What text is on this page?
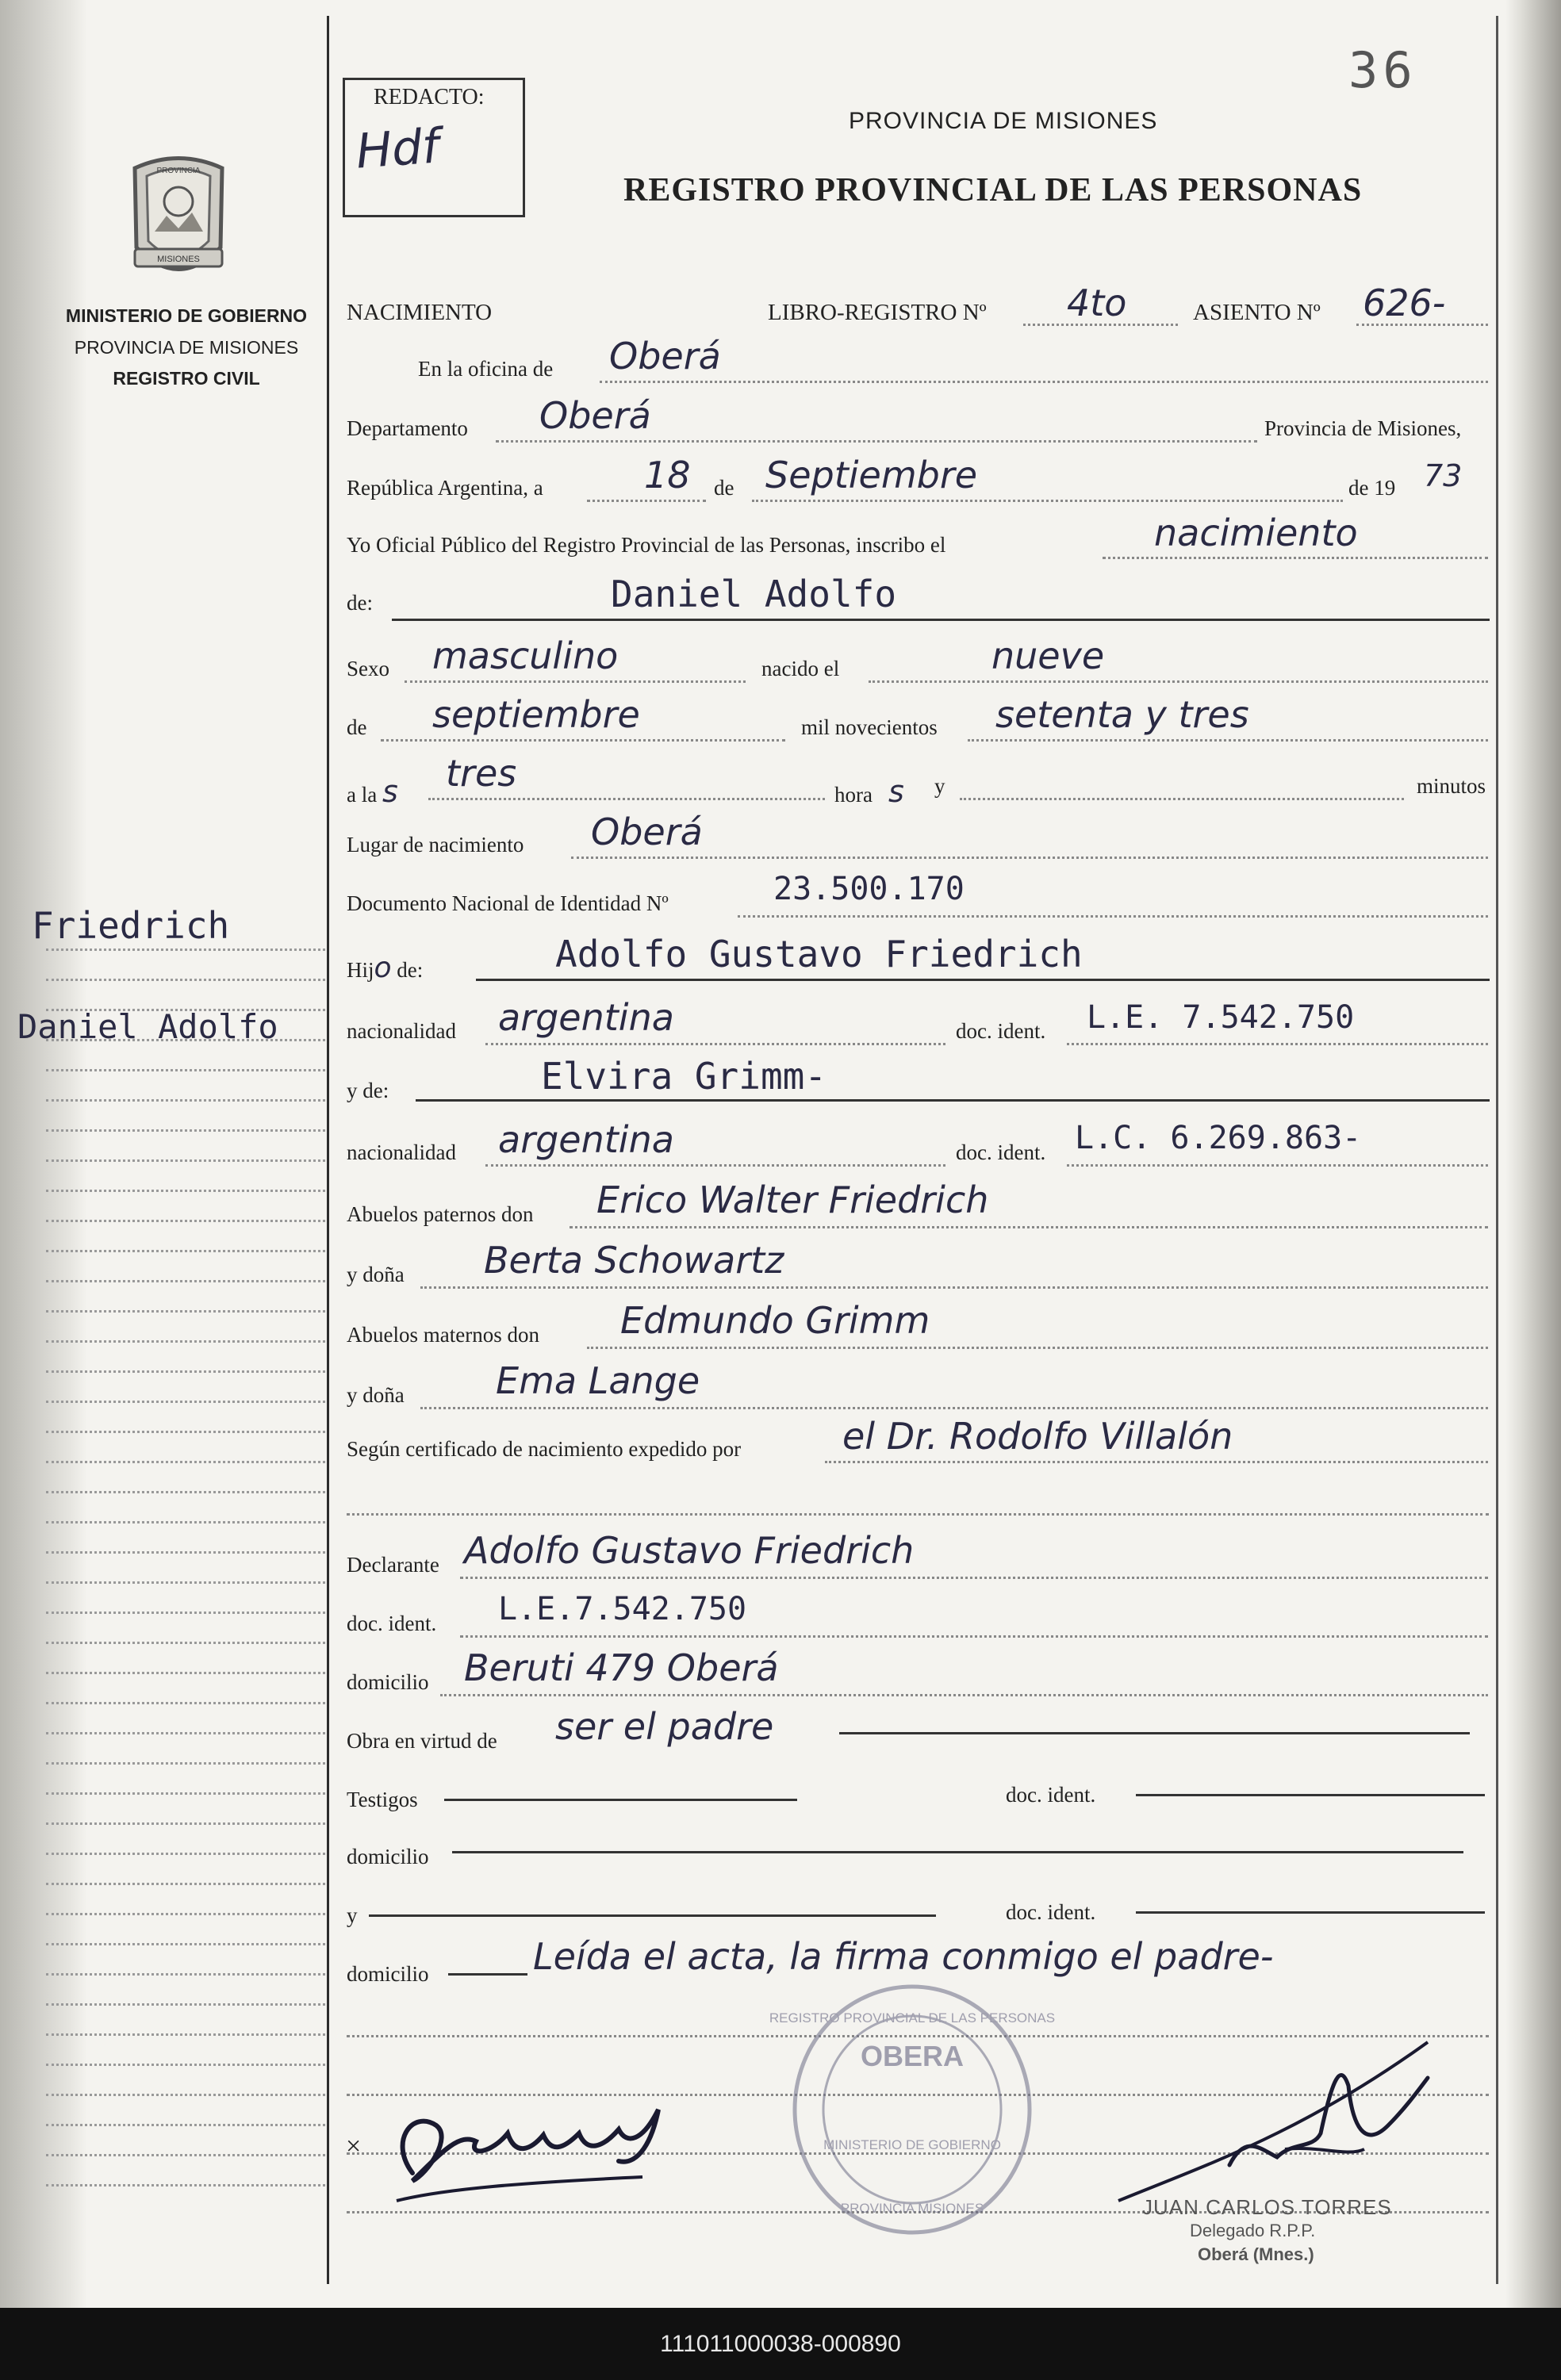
36
REDACTO:
Hdf	PROVINCIA DE MISIONES
REGISTRO PROVINCIAL DE LAS PERSONAS
PROVINCIA
MISIONES
MINISTERIO DE GOBIERNO
PROVINCIA DE MISIONES
REGISTRO CIVIL
Friedrich
Daniel Adolfo
NACIMIENTO	LIBRO-REGISTRO Nº 4to	ASIENTO Nº 626-
En la oficina de Oberá
Departamento Oberá	Provincia de Misiones,
República Argentina, a	18 de Septiembre	de 19 73
Yo Oficial Público del Registro Provincial de las Personas, inscribo el	nacimiento
de:	Daniel Adolfo
Sexo masculino	nacido el	nueve
de septiembre	mil novecientos setenta y tres
a la s tres	hora s y	minutos
Lugar de nacimiento Oberá
Documento Nacional de Identidad Nº	23.500.170
Hijo de:	Adolfo Gustavo Friedrich
nacionalidad argentina	doc. ident. L.E. 7.542.750
y de:	Elvira Grimm-
nacionalidad argentina	doc. ident. L.C. 6.269.863-
Abuelos paternos don Erico Walter Friedrich
y doña Berta Schowartz
Abuelos maternos don Edmundo Grimm
y doña	Ema Lange
Según certificado de nacimiento expedido por	el Dr. Rodolfo Villalón
Declarante Adolfo Gustavo Friedrich
doc. ident. L.E.7.542.750
domicilio Beruti 479 Oberá
Obra en virtud de ser el padre
Testigos	doc. ident.
domicilio
y	doc. ident.
domicilio	Leída el acta, la firma conmigo el padre-
×
REGISTRO PROVINCIAL DE LAS PERSONAS
OBERA
MINISTERIO DE GOBIERNO
PROVINCIA MISIONES	JUAN CARLOS TORRES
Delegado R.P.P.
Oberá (Mnes.)
111011000038-000890
